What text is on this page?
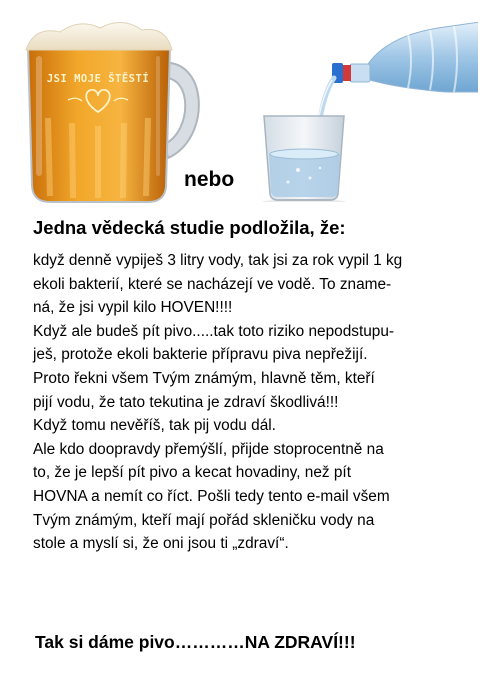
JSI MOJE ŠTĚSTÍ
nebo
Jedna vědecká studie podložila, že:
když denně vypiješ 3 litry vody, tak jsi za rok vypil 1 kg
ekoli bakterií, které se nacházejí ve vodě. To zname-
ná, že jsi vypil kilo HOVEN!!!!
Když ale budeš pít pivo.....tak toto riziko nepodstupu-
ješ, protože ekoli bakterie přípravu piva nepřežijí.
Proto řekni všem Tvým známým, hlavně těm, kteří
pijí vodu, že tato tekutina je zdraví škodlivá!!!
Když tomu nevěříš, tak pij vodu dál.
Ale kdo doopravdy přemýšlí, přijde stoprocentně na
to, že je lepší pít pivo a kecat hovadiny, než pít
HOVNA a nemít co říct. Pošli tedy tento e-mail všem
Tvým známým, kteří mají pořád skleničku vody na
stole a myslí si, že oni jsou ti „zdraví“.
Tak si dáme pivo…………NA ZDRAVÍ!!!
